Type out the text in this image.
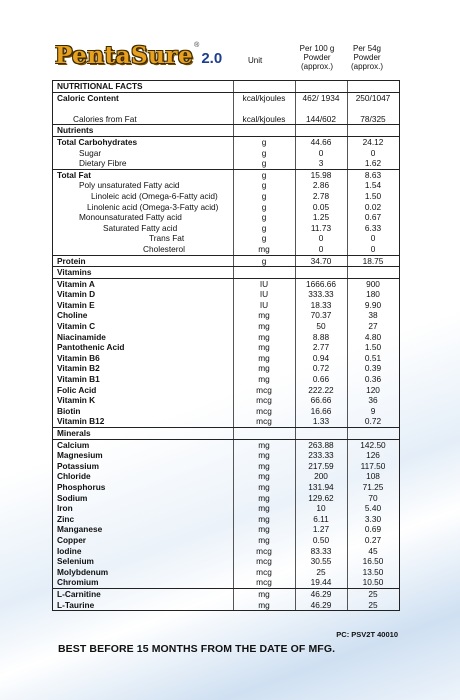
PentaSure ®
2.0	Unit
Per 100 g
Powder
(approx.)
Per 54g
Powder
(approx.)
NUTRITIONAL FACTS
Caloric Content	kcal/kjoules	462/ 1934	250/1047
Calories from Fat	kcal/kjoules	144/602	78/325
Nutrients
Total Carbohydrates	g	44.66	24.12
Sugar	g	0	0
Dietary Fibre	g	3	1.62
Total Fat	g	15.98	8.63
Poly unsaturated Fatty acid	g	2.86	1.54
Linoleic acid (Omega-6-Fatty acid)	g	2.78	1.50
Linolenic acid (Omega-3-Fatty acid)	g	0.05	0.02
Monounsaturated Fatty acid	g	1.25	0.67
Saturated Fatty acid	g	11.73	6.33
Trans Fat	g	0	0
Cholesterol	mg	0	0
Protein	g	34.70	18.75
Vitamins
Vitamin A	IU	1666.66	900
Vitamin D	IU	333.33	180
Vitamin E	IU	18.33	9.90
Choline	mg	70.37	38
Vitamin C	mg	50	27
Niacinamide	mg	8.88	4.80
Pantothenic Acid	mg	2.77	1.50
Vitamin B6	mg	0.94	0.51
Vitamin B2	mg	0.72	0.39
Vitamin B1	mg	0.66	0.36
Folic Acid	mcg	222.22	120
Vitamin K	mcg	66.66	36
Biotin	mcg	16.66	9
Vitamin B12	mcg	1.33	0.72
Minerals
Calcium	mg	263.88	142.50
Magnesium	mg	233.33	126
Potassium	mg	217.59	117.50
Chloride	mg	200	108
Phosphorus	mg	131.94	71.25
Sodium	mg	129.62	70
Iron	mg	10	5.40
Zinc	mg	6.11	3.30
Manganese	mg	1.27	0.69
Copper	mg	0.50	0.27
Iodine	mcg	83.33	45
Selenium	mcg	30.55	16.50
Molybdenum	mcg	25	13.50
Chromium	mcg	19.44	10.50
L-Carnitine	mg	46.29	25
L-Taurine	mg	46.29	25
PC: PSV2T 40010
BEST BEFORE 15 MONTHS FROM THE DATE OF MFG.
